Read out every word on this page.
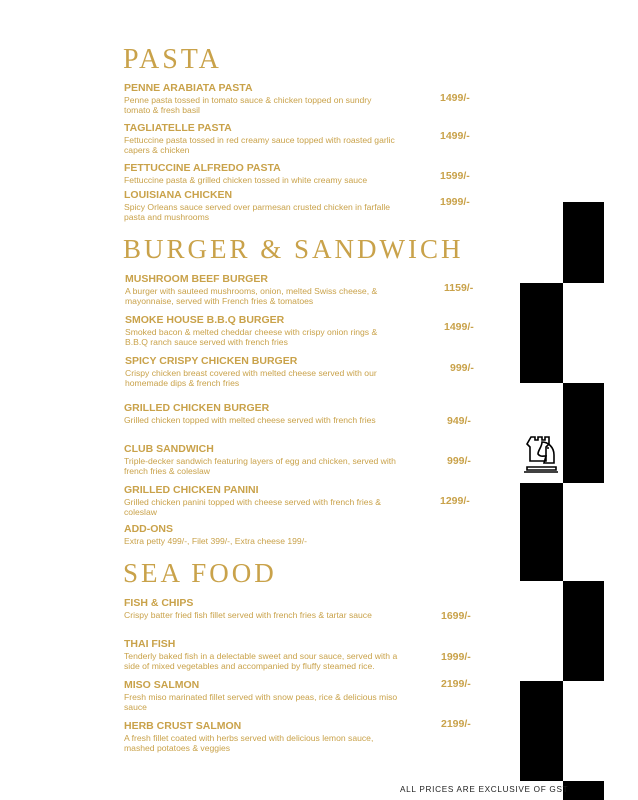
PASTA
PENNE ARABIATA PASTA
Penne pasta tossed in tomato sauce & chicken topped on sundry tomato & fresh basil
1499/-
TAGLIATELLE PASTA
Fettuccine pasta tossed in red creamy sauce topped with roasted garlic capers & chicken
1499/-
FETTUCCINE ALFREDO PASTA
Fettuccine pasta & grilled chicken tossed in white creamy sauce	1599/-
LOUISIANA CHICKEN
Spicy Orleans sauce served over parmesan crusted chicken in farfalle pasta and mushrooms
1999/-
BURGER & SANDWICH
MUSHROOM BEEF BURGER
A burger with sauteed mushrooms, onion, melted Swiss cheese, & mayonnaise, served with French fries & tomatoes
1159/-
SMOKE HOUSE B.B.Q BURGER
Smoked bacon & melted cheddar cheese with crispy onion rings & B.B.Q ranch sauce served with french fries
1499/-
SPICY CRISPY CHICKEN BURGER
Crispy chicken breast covered with melted cheese served with our homemade dips & french fries
999/-
GRILLED CHICKEN BURGER
Grilled chicken topped with melted cheese served with french fries	949/-
CLUB SANDWICH
Triple-decker sandwich featuring layers of egg and chicken, served with french fries & coleslaw
999/-
GRILLED CHICKEN PANINI
Grilled chicken panini topped with cheese served with french fries & coleslaw
1299/-
ADD-ONS
Extra petty 499/-, Filet 399/-, Extra cheese 199/-
SEA FOOD
FISH & CHIPS
Crispy batter fried fish fillet served with french fries & tartar sauce	1699/-
THAI FISH
Tenderly baked fish in a delectable sweet and sour sauce, served with a side of mixed vegetables and accompanied by fluffy steamed rice.
1999/-
MISO SALMON
Fresh miso marinated fillet served with snow peas, rice & delicious miso sauce
2199/-
HERB CRUST SALMON
A fresh fillet coated with herbs served with delicious lemon sauce, mashed potatoes & veggies
2199/-
ALL PRICES ARE EXCLUSIVE OF GST
